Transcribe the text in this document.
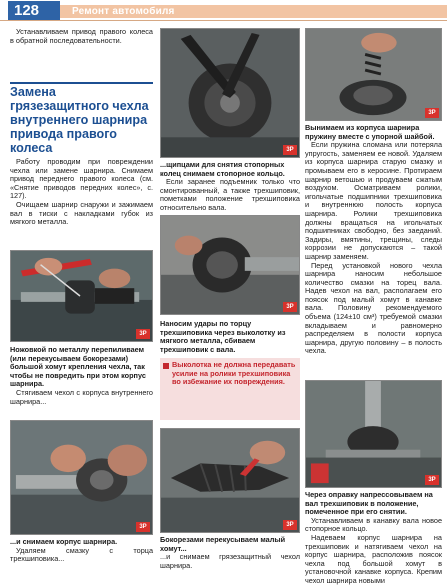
128	Ремонт автомобиля

Устанавливаем привод правого колеса в обратной последовательности.

Замена грязезащитного чехла внутреннего шарнира привода правого колеса

Работу проводим при повреждении чехла или замене шарнира. Снимаем привод переднего правого колеса (см. «Снятие приводов передних колес», с. 127).

Очищаем шарнир снаружи и зажимаем вал в тиски с накладками губок из мягкого металла.

3P

Ножовкой по металлу перепиливаем (или перекусываем бокорезами) большой хомут крепления чехла, так чтобы не повредить при этом корпус шарнира.

Стягиваем чехол с корпуса внутреннего шарнира...

3P

...и снимаем корпус шарнира.

Удаляем смазку с торца трехшиповика...

3P

...щипцами для снятия стопорных колец снимаем стопорное кольцо.

Если заранее подъемник только что смонтированный, а также трехшиповик, пометками положение трехшиповика относительно вала.

3P

Наносим удары по торцу трехшиповика через выколотку из мягкого металла, сбиваем трехшиповик с вала.

Выколотка не должна передавать усилие на ролики трехшиповика во избежание их повреждения.

3P

Бокорезами перекусываем малый хомут...

...и снимаем грязезащитный чехол шарнира.

3P

Вынимаем из корпуса шарнира пружину вместе с упорной шайбой.

Если пружина сломана или потеряла упругость, заменяем ее новой. Удаляем из корпуса шарнира старую смазку и промываем его в керосине. Протираем шарнир ветошью и продуваем сжатым воздухом. Осматриваем ролики, игольчатые подшипники трехшиповика и внутреннюю полость корпуса шарнира. Ролики трехшиповика должны вращаться на игольчатых подшипниках свободно, без заеданий. Задиры, вмятины, трещины, следы коррозии не допускаются – такой шарнир заменяем.

Перед установкой нового чехла шарнира наносим небольшое количество смазки на торец вала. Надев чехол на вал, располагаем его поясок под малый хомут в канавке вала. Половину рекомендуемого объема (124±10 см³) требуемой смазки вкладываем и равномерно распределяем в полости корпуса шарнира, другую половину – в полость чехла.

3P

Через оправку напрессовываем на вал трехшиповик в положение, помеченное при его снятии.

Устанавливаем в канавку вала новое стопорное кольцо.

Надеваем корпус шарнира на трехшиповик и натягиваем чехол на корпус шарнира, расположив поясок чехла под большой хомут в установочной канавке корпуса. Крепим чехол шарнира новыми
